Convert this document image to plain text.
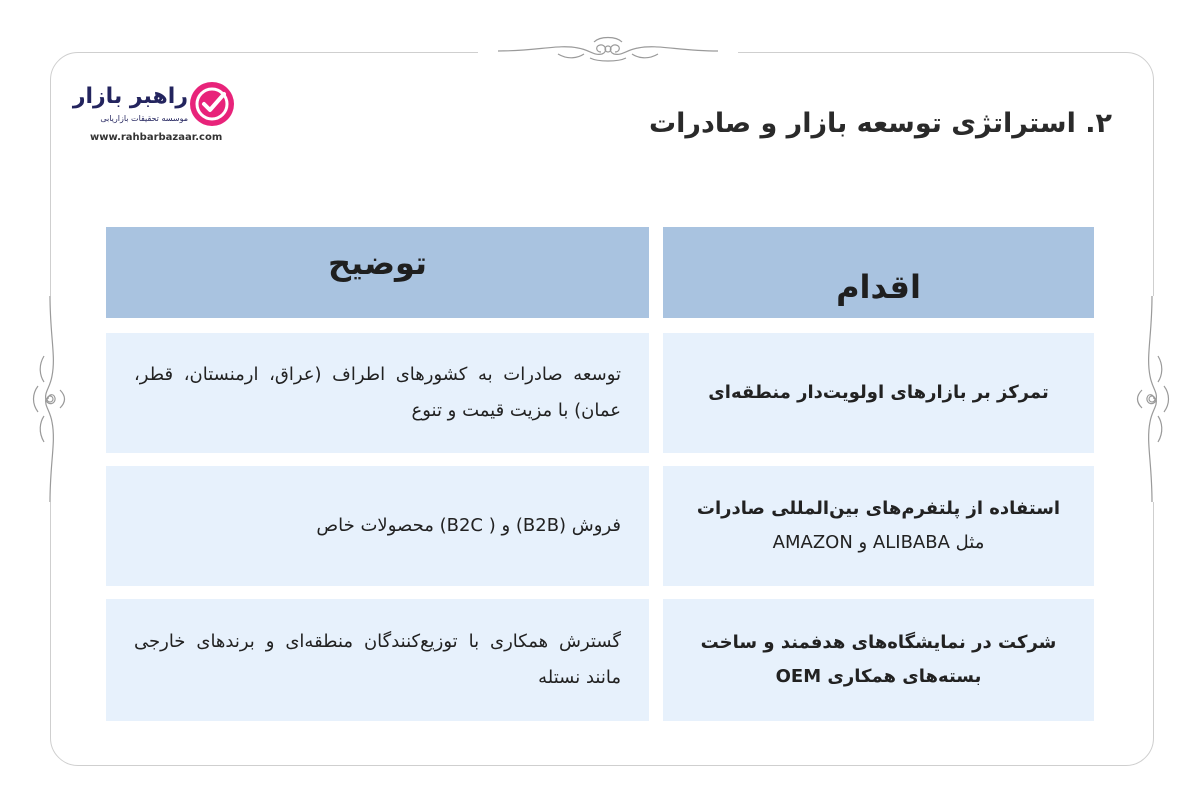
راهبر بازار
موسسه تحقیقات بازاریابی
www.rahbarbazaar.com	۲. استراتژی توسعه بازار و صادرات
اقدام
توضیح
تمرکز بر بازارهای اولویت‌دار منطقه‌ای
توسعه صادرات به کشورهای اطراف (عراق، ارمنستان، قطر، عمان) با مزیت قیمت و تنوع
استفاده از پلتفرم‌های بین‌المللی صادرات مثل ALIBABA و AMAZON
فروش (B2B) و ( B2C) محصولات خاص
شرکت در نمایشگاه‌های هدفمند و ساخت بسته‌های همکاری OEM
گسترش همکاری با توزیع‌کنندگان منطقه‌ای و برندهای خارجی مانند نستله
